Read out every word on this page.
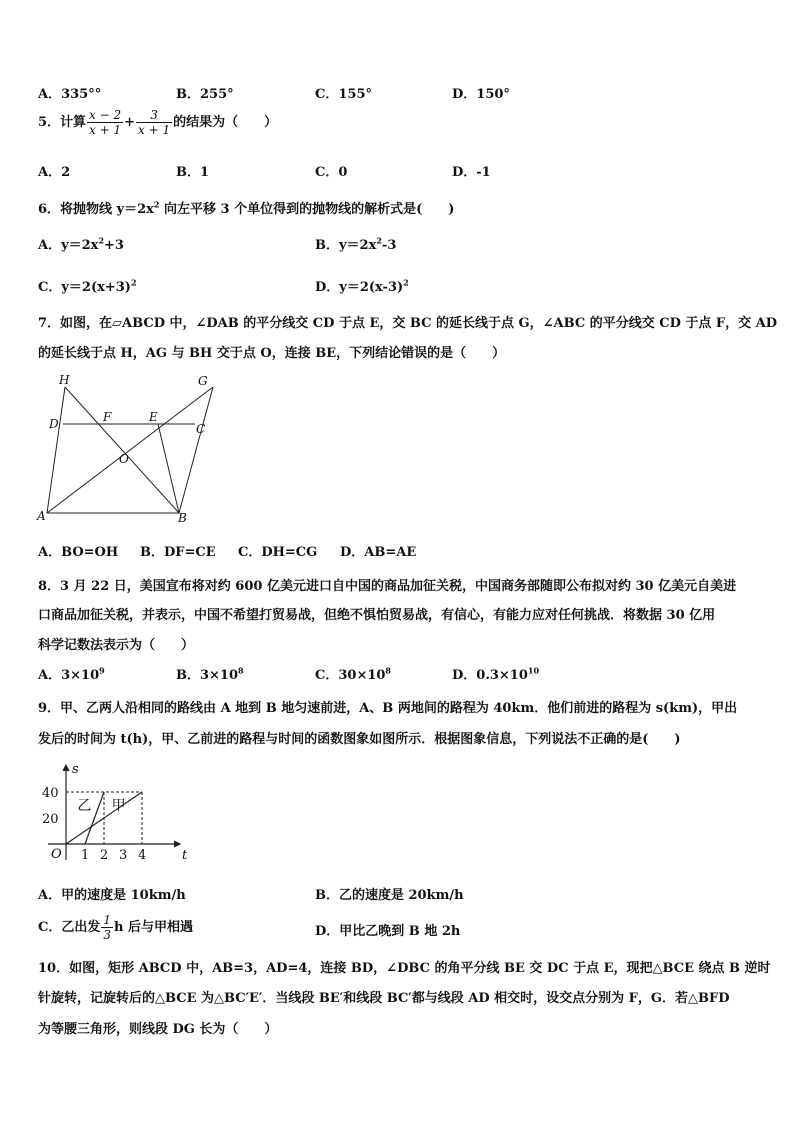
A．335°°	B．255°	C．155°	D．150°
5．计算 $\frac{x - 2}{x + 1} + \frac{3}{x + 1}$ 的结果为（　　）
A．2	B．1	C．0	D．-1
6．将抛物线 $y=2x^2$ 向左平移 3 个单位得到的抛物线的解析式是(　　)
A．$y=2x^2+3$	B．$y=2x^2-3$
C．$y=2(x+3)^2$	D．$y=2(x-3)^2$
7．如图，在▱ABCD 中，∠DAB 的平分线交 CD 于点 E，交 BC 的延长线于点 G，∠ABC 的平分线交 CD 于点 F，交 AD
的延长线于点 H，AG 与 BH 交于点 O，连接 BE，下列结论错误的是（　　）
H	G
D	F	E
C
O
A	B
A．BO=OH B．DF=CE C．DH=CG D．AB=AE
8．3 月 22 日，美国宣布将对约 600 亿美元进口自中国的商品加征关税，中国商务部随即公布拟对约 30 亿美元自美进
口商品加征关税，并表示，中国不希望打贸易战，但绝不惧怕贸易战，有信心，有能力应对任何挑战．将数据 30 亿用
科学记数法表示为（　　）
A．$3\times 10^9$	B．$3\times 10^8$	C．$30\times 10^8$	D．$0.3\times 10^{10}$
9．甲、乙两人沿相同的路线由 A 地到 B 地匀速前进，A、B 两地间的路程为 40km．他们前进的路程为 s(km)，甲出
发后的时间为 t(h)，甲、乙前进的路程与时间的函数图象如图所示．根据图象信息，下列说法不正确的是(　　)
1 2 3 4
20
40
O	t
s
乙 甲
A．甲的速度是 10km/h	B．乙的速度是 20km/h
C．乙出发 $\frac{1}{3}$ h 后与甲相遇	D．甲比乙晚到 B 地 2h
10．如图，矩形 ABCD 中，AB=3，AD=4，连接 BD，∠DBC 的角平分线 BE 交 DC 于点 E，现把△BCE 绕点 B 逆时
针旋转，记旋转后的△BCE 为△BC′E′．当线段 BE′和线段 BC′都与线段 AD 相交时，设交点分别为 F，G．若△BFD
为等腰三角形，则线段 DG 长为（　　）
